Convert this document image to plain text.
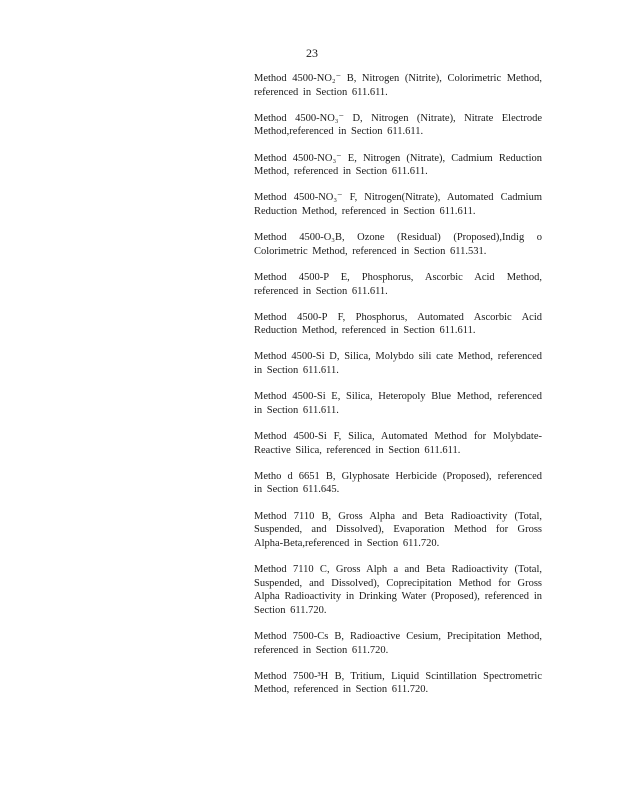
23

Method 4500-NO₂⁻ B, Nitrogen (Nitrite), Colorimetric Method, referenced in Section 611.611.
Method 4500-NO₃⁻ D, Nitrogen (Nitrate), Nitrate Electrode Method,referenced in Section 611.611.
Method 4500-NO₃⁻ E, Nitrogen (Nitrate), Cadmium Reduction Method, referenced in Section 611.611.
Method 4500-NO₃⁻ F, Nitrogen(Nitrate), Automated Cadmium Reduction Method, referenced in Section 611.611.
Method 4500-O₃B, Ozone (Residual) (Proposed),Indig o Colorimetric Method, referenced in Section 611.531.
Method 4500-P E, Phosphorus, Ascorbic Acid Method, referenced in Section 611.611.
Method 4500-P F, Phosphorus, Automated Ascorbic Acid Reduction Method, referenced in Section 611.611.
Method 4500-Si D, Silica, Molybdo sili cate Method, referenced in Section 611.611.
Method 4500-Si E, Silica, Heteropoly Blue Method, referenced in Section 611.611.
Method 4500-Si F, Silica, Automated Method for Molybdate-Reactive Silica, referenced in Section 611.611.
Metho d 6651 B, Glyphosate Herbicide (Proposed), referenced in Section 611.645.
Method 7110 B, Gross Alpha and Beta Radioactivity (Total, Suspended, and Dissolved), Evaporation Method for Gross Alpha-Beta,referenced in Section 611.720.
Method 7110 C, Gross Alph a and Beta Radioactivity (Total, Suspended, and Dissolved), Coprecipitation Method for Gross Alpha Radioactivity in Drinking Water (Proposed), referenced in Section 611.720.
Method 7500-Cs B, Radioactive Cesium, Precipitation Method, referenced in Section 611.720.
Method 7500-³H B, Tritium, Liquid Scintillation Spectrometric Method, referenced in Section 611.720.
